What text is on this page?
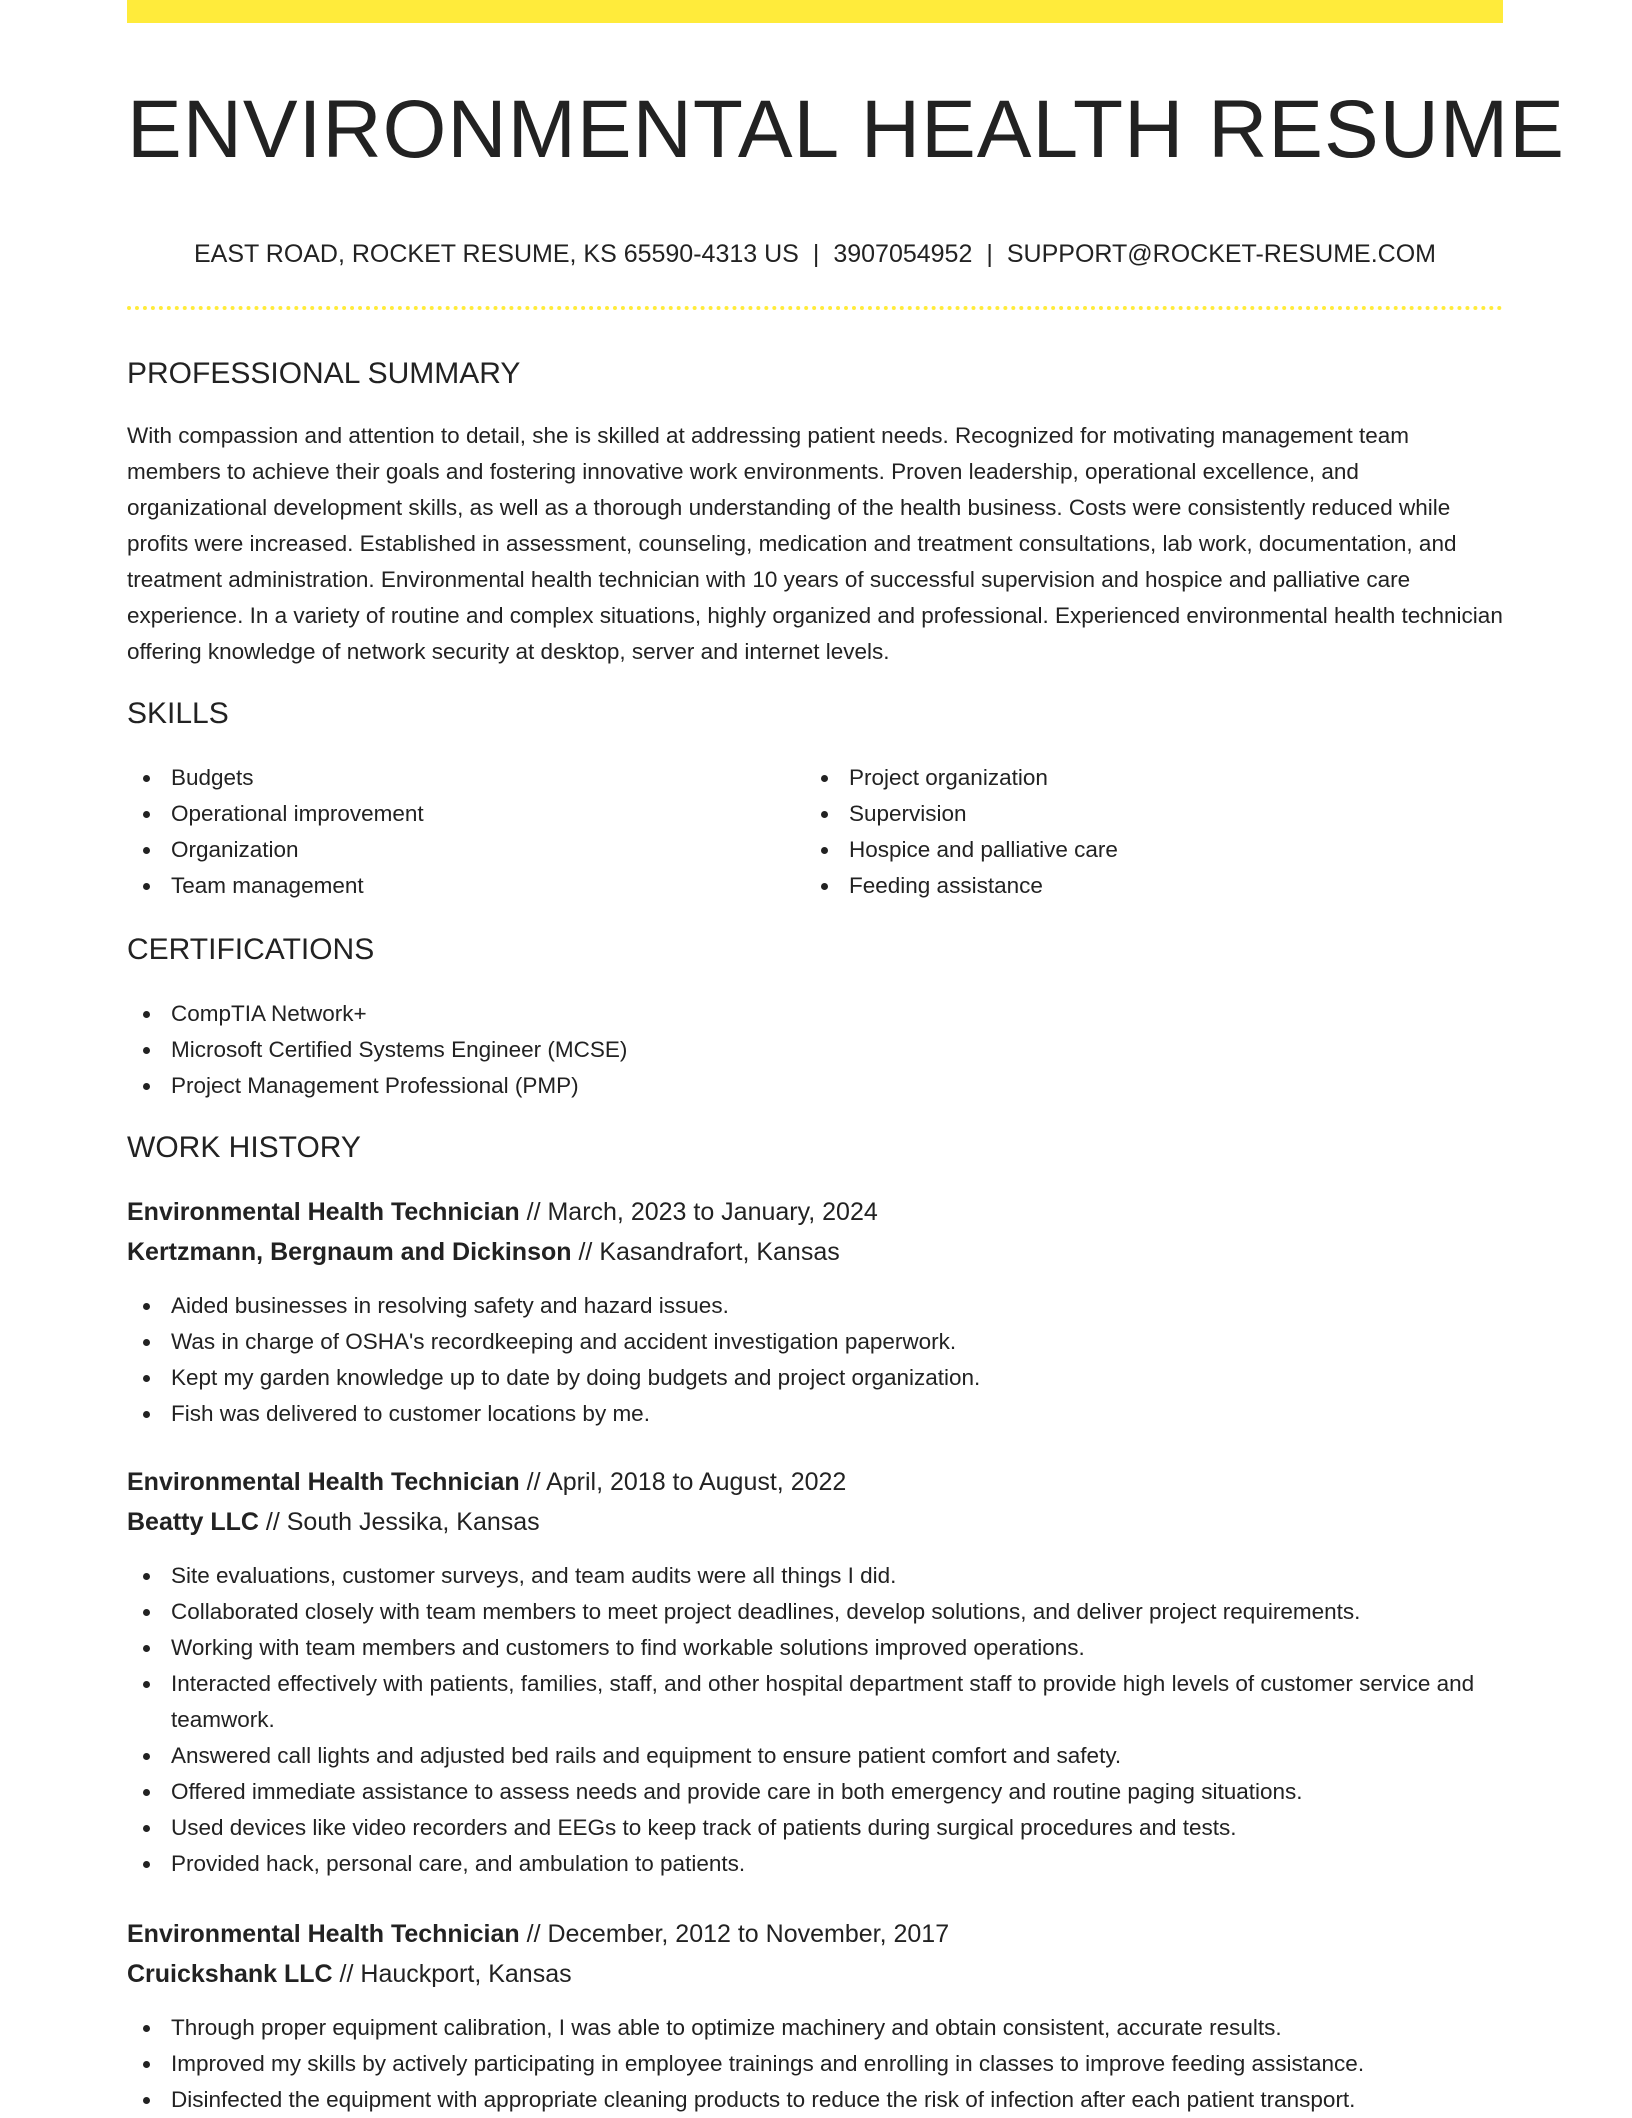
ENVIRONMENTAL HEALTH RESUME
EAST ROAD, ROCKET RESUME, KS 65590-4313 US | 3907054952 | SUPPORT@ROCKET-RESUME.COM
PROFESSIONAL SUMMARY

With compassion and attention to detail, she is skilled at addressing patient needs. Recognized for motivating management team members to achieve their goals and fostering innovative work environments. Proven leadership, operational excellence, and organizational development skills, as well as a thorough understanding of the health business. Costs were consistently reduced while profits were increased. Established in assessment, counseling, medication and treatment consultations, lab work, documentation, and treatment administration. Environmental health technician with 10 years of successful supervision and hospice and palliative care experience. In a variety of routine and complex situations, highly organized and professional. Experienced environmental health technician offering knowledge of network security at desktop, server and internet levels.

SKILLS
Budgets
Operational improvement
Organization
Team management
Project organization
Supervision
Hospice and palliative care
Feeding assistance
CERTIFICATIONS
CompTIA Network+
Microsoft Certified Systems Engineer (MCSE)
Project Management Professional (PMP)
WORK HISTORY
Environmental Health Technician // March, 2023 to January, 2024
Kertzmann, Bergnaum and Dickinson // Kasandrafort, Kansas
Aided businesses in resolving safety and hazard issues.
Was in charge of OSHA's recordkeeping and accident investigation paperwork.
Kept my garden knowledge up to date by doing budgets and project organization.
Fish was delivered to customer locations by me.
Environmental Health Technician // April, 2018 to August, 2022
Beatty LLC // South Jessika, Kansas
Site evaluations, customer surveys, and team audits were all things I did.
Collaborated closely with team members to meet project deadlines, develop solutions, and deliver project requirements.
Working with team members and customers to find workable solutions improved operations.
Interacted effectively with patients, families, staff, and other hospital department staff to provide high levels of customer service and teamwork.
Answered call lights and adjusted bed rails and equipment to ensure patient comfort and safety.
Offered immediate assistance to assess needs and provide care in both emergency and routine paging situations.
Used devices like video recorders and EEGs to keep track of patients during surgical procedures and tests.
Provided hack, personal care, and ambulation to patients.
Environmental Health Technician // December, 2012 to November, 2017
Cruickshank LLC // Hauckport, Kansas
Through proper equipment calibration, I was able to optimize machinery and obtain consistent, accurate results.
Improved my skills by actively participating in employee trainings and enrolling in classes to improve feeding assistance.
Disinfected the equipment with appropriate cleaning products to reduce the risk of infection after each patient transport.
